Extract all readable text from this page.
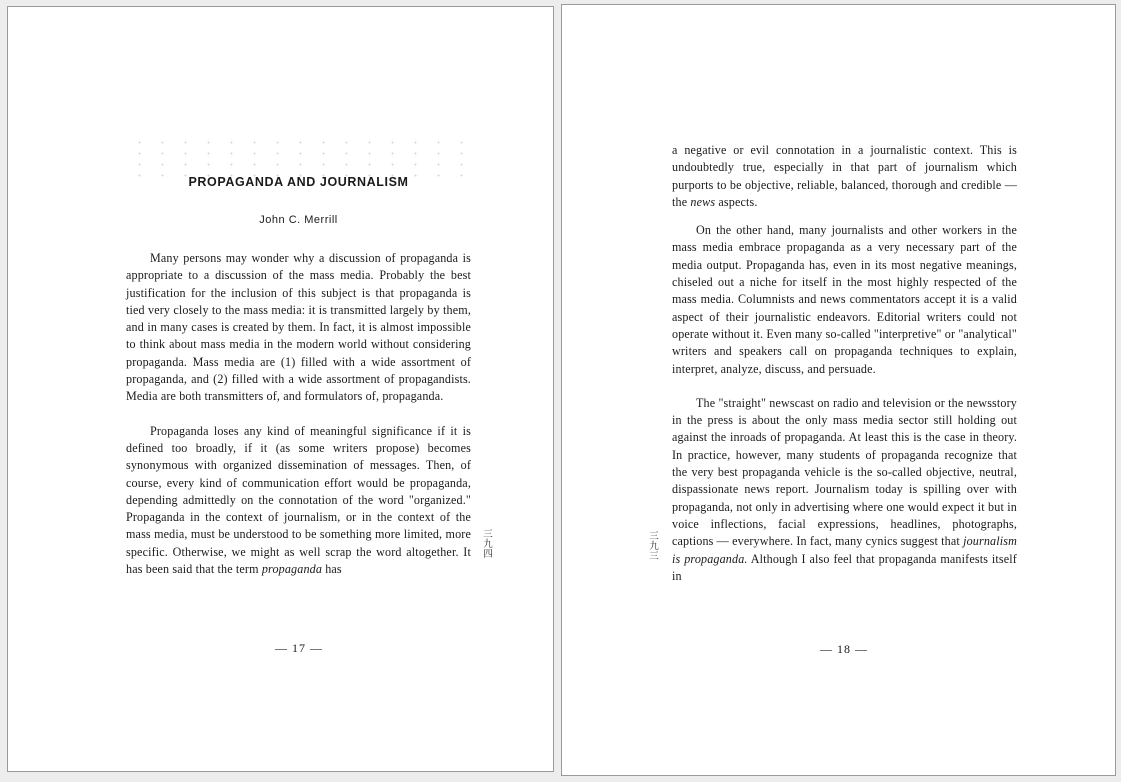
PROPAGANDA AND JOURNALISM
John C. Merrill

Many persons may wonder why a discussion of propaganda is appropriate to a discussion of the mass media. Probably the best justification for the inclusion of this subject is that propaganda is tied very closely to the mass media: it is transmitted largely by them, and in many cases is created by them. In fact, it is almost impossible to think about mass media in the modern world without considering propaganda. Mass media are (1) filled with a wide assortment of propaganda, and (2) filled with a wide assortment of propagandists. Media are both transmitters of, and formulators of, propaganda.

Propaganda loses any kind of meaningful significance if it is defined too broadly, if it (as some writers propose) becomes synonymous with organized dissemination of messages. Then, of course, every kind of communication effort would be propaganda, depending admittedly on the connotation of the word "organized." Propaganda in the context of journalism, or in the context of the mass media, must be understood to be something more limited, more specific. Otherwise, we might as well scrap the word altogether. It has been said that the term propaganda has

三
九
四
— 17 —

a negative or evil connotation in a journalistic context. This is undoubtedly true, especially in that part of journalism which purports to be objective, reliable, balanced, thorough and credible — the news aspects.

On the other hand, many journalists and other workers in the mass media embrace propaganda as a very necessary part of the media output. Propaganda has, even in its most negative meanings, chiseled out a niche for itself in the most highly respected of the mass media. Columnists and news commentators accept it is a valid aspect of their journalistic endeavors. Editorial writers could not operate without it. Even many so-called "interpretive" or "analytical" writers and speakers call on propaganda techniques to explain, interpret, analyze, discuss, and persuade.

The "straight" newscast on radio and television or the newsstory in the press is about the only mass media sector still holding out against the inroads of propaganda. At least this is the case in theory. In practice, however, many students of propaganda recognize that the very best propaganda vehicle is the so-called objective, neutral, dispassionate news report. Journalism today is spilling over with propaganda, not only in advertising where one would expect it but in voice inflections, facial expressions, headlines, photographs, captions — everywhere. In fact, many cynics suggest that journalism is propaganda. Although I also feel that propaganda manifests itself in

三
九
三
— 18 —
